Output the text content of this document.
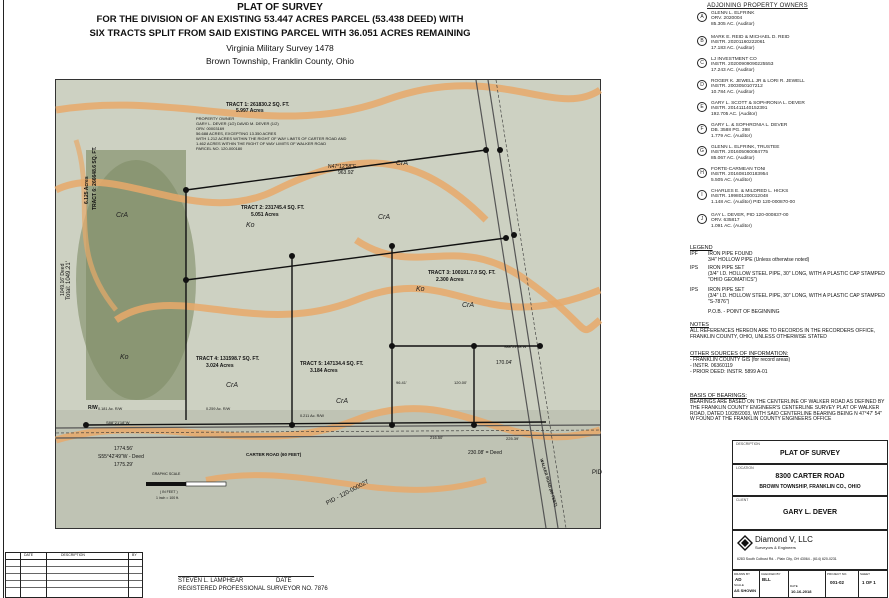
PLAT OF SURVEY
FOR THE DIVISION OF AN EXISTING 53.447 ACRES PARCEL (53.438 DEED) WITH
SIX TRACTS SPLIT FROM SAID EXISTING PARCEL WITH 36.051 ACRES REMAINING
Virginia Military Survey 1478
Brown Township, Franklin County, Ohio
PROPERTY OWNER
GARY L. DEVER (1/2) DAVID M. DEVER (1/2)
ORV. 00003169
56.688 ACRES, EXCEPTING 13.350 ACRES
WITH 1.212 ACRES WITHIN THE RIGHT OF WAY LIMITS OF CARTER ROAD AND
1.462 ACRES WITHIN THE RIGHT OF WAY LIMITS OF WALKER ROAD
PARCEL NO. 120-000180
TRACT 1: 261830.2 SQ. FT.
5.997 Acres
TRACT 2: 231745.4 SQ. FT.
5.051 Acres
TRACT 3: 100191.7.0 SQ. FT.
2.300 Acres
TRACT 4: 131598.7 SQ. FT.
3.024 Acres	TRACT 5: 147134.4 SQ. FT.
3.184 Acres
TRACT 6: 266648.6 SQ. FT.
6.125 Acres
CrA
Ko
CrA
Ko
CrA
CrA
Ko
CrA
CrA
N47°12'58"E
963.92'
CARTER ROAD (60 FEET)
WALKER ROAD (60 FEET)
R/W
S88°21'18"W
1774.56'
S55°42'49"W - Deed
1775.29'
Total: 1049.21'
1049.16' Deed
PID - 120-000027
230.08' = Deed
170.04'
225.39'
GRAPHIC SCALE
( IN FEET )
1 inch = 100 ft.
96.41'	120.00'
216.50'
0.181 Ac. R/W	0.259 Ac. R/W
0.211 Ac. R/W
S88°21'18"W
PID
ADJOINING PROPERTY OWNERS
A
GLENN L. ELFRINK
ORV. 2020004
85.305 AC. (Auditor)
B
MARK E. REID & MICHAEL D. REID
INSTR. 20201160222061
17.183 AC. (Auditor)
C
LJ INVESTMENT CO
INSTR. 20200909090225553
17.243 AC. (Auditor)
D
ROGER K. JEWELL JR & LORI R. JEWELL
INSTR. 2003050107212
10.784 AC. (Auditor)
E
GARY L. SCOTT & SOPHRONIA L. DEVER
INSTR. 201411140152391
192.705 AC. (Auditor)
F
GARY L. & SOPHRONIA L. DEVER
DB. 3588 PG. 398
1.779 AC. (Auditor)
G
GLENN L. ELFRINK, TRUSTEE
INSTR. 201605060084775
85.067 AC. (Auditor)
H
FORTE-CARMEAN TONI
INSTR. 201608100183954
5.505 AC. (Auditor)
I
CHARLES E. & MILDRED L. HICKS
INSTR. 199801200012048
1.148 AC. (Auditor) PID 120-000870-00
J
GAY L. DEVER, PID 120-000837-00
ORV. 635817
1.091 AC. (Auditor)
LEGEND
IPF	IRON PIPE FOUND
3/4" HOLLOW PIPE (Unless otherwise noted)
IPS	IRON PIPE SET
(3/4" I.D. HOLLOW STEEL PIPE, 30" LONG, WITH A PLASTIC CAP STAMPED "OHIO GEOMATICS")
IPS	IRON PIPE SET
(3/4" I.D. HOLLOW STEEL PIPE, 30" LONG, WITH A PLASTIC CAP STAMPED "S-7876")
P.O.B. - POINT OF BEGINNING
NOTES
ALL REFERENCES HEREON ARE TO RECORDS IN THE RECORDERS OFFICE, FRANKLIN COUNTY, OHIO, UNLESS OTHERWISE STATED
OTHER SOURCES OF INFORMATION:
- FRANKLIN COUNTY GIS (for record areas)
- INSTR. 06360119
- PRIOR DEED: INSTR. 5899 A-01
BASIS OF BEARINGS:
BEARINGS ARE BASED ON THE CENTERLINE OF WALKER ROAD AS DEFINED BY THE FRANKLIN COUNTY ENGINEER'S CENTERLINE SURVEY PLAT OF WALKER ROAD, DATED 10/28/2003, WITH SAID CENTERLINE BEARING BEING N 47°47' 54" W FOUND AT THE FRANKLIN COUNTY ENGINEERS OFFICE
DESCRIPTION
PLAT OF SURVEY
LOCATION
8300 CARTER ROAD
BROWN TOWNSHIP, FRANKLIN CO., OHIO
CLIENT
GARY L. DEVER
Diamond V, LLC
Surveyors & Engineers
6283 South Colbust Rd. - Plain City, OH 43064 - (614) 620-0231
DRAWN BY
AD
SCALE
AS SHOWN
CHECKED BY
BLL
DATE
10-16-2018
PROJECT NO.
001-02
SHEET
1 OF 1
DATE	DESCRIPTION	BY
STEVEN L. LAMPHEAR	DATE
REGISTERED PROFESSIONAL SURVEYOR NO. 7876
